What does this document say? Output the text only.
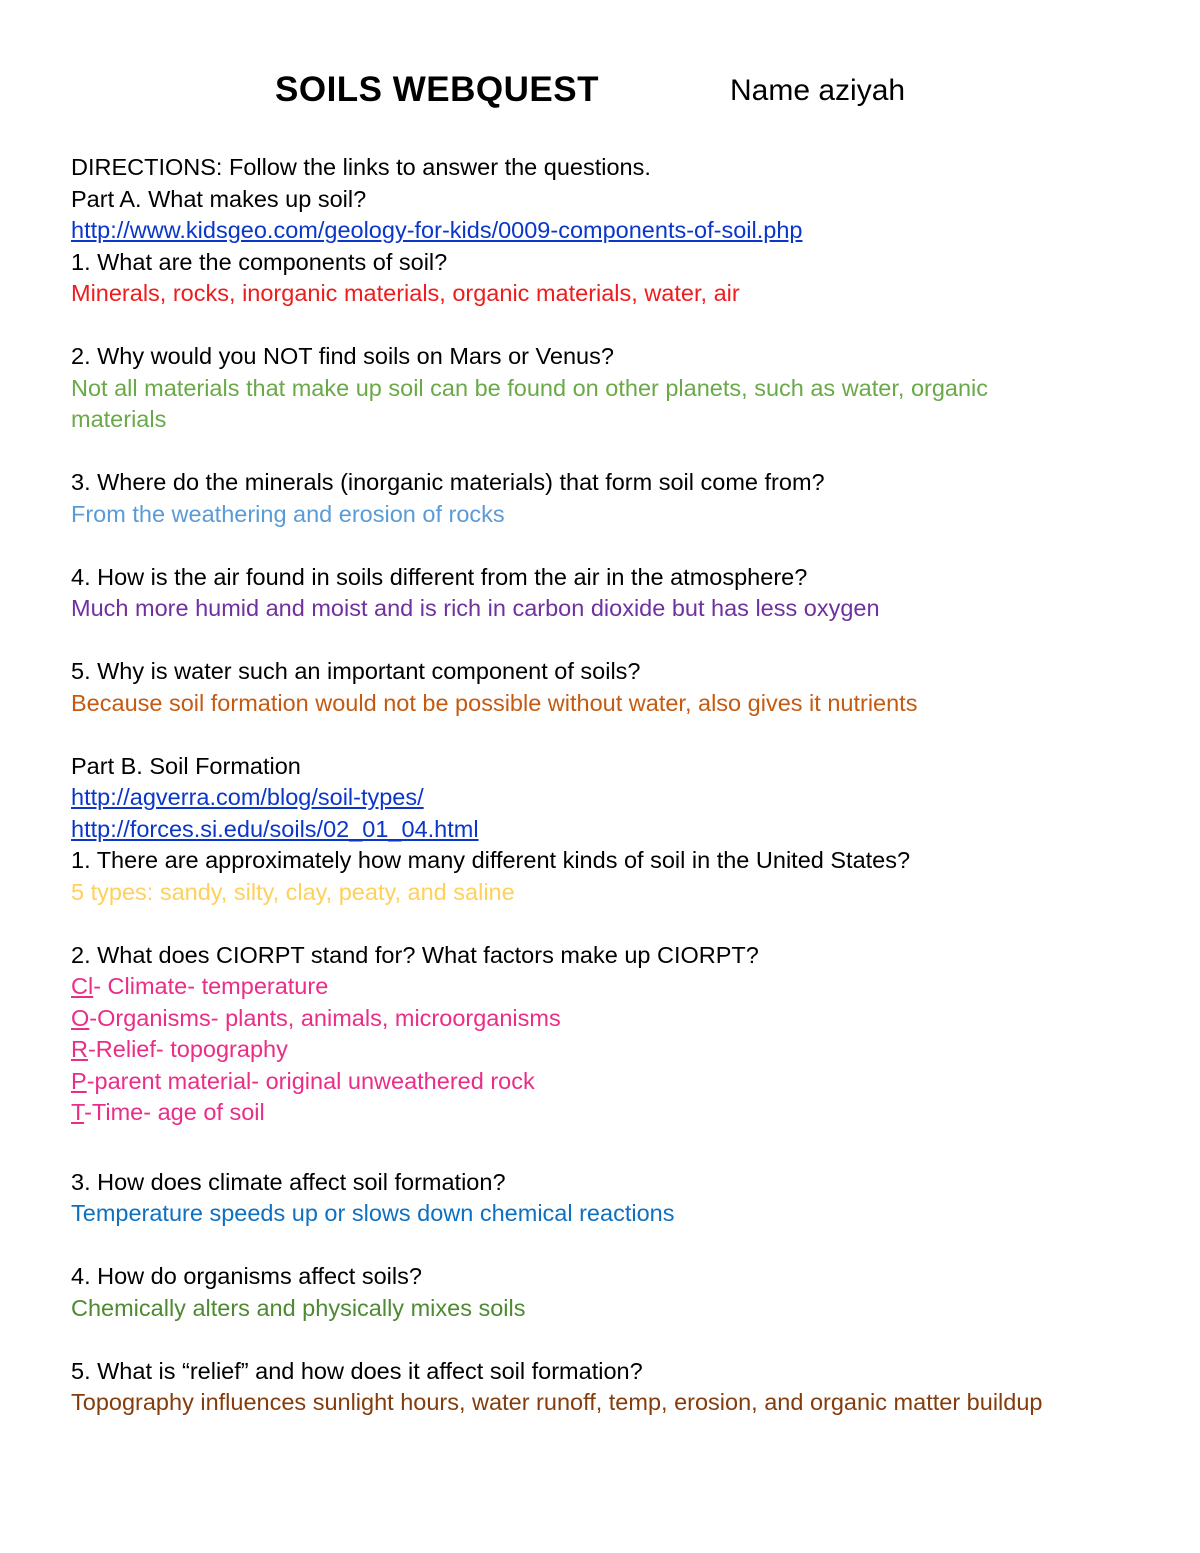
SOILS WEBQUEST	Name aziyah
DIRECTIONS: Follow the links to answer the questions.
Part A. What makes up soil?
http://www.kidsgeo.com/geology-for-kids/0009-components-of-soil.php
1. What are the components of soil?
Minerals, rocks, inorganic materials, organic materials, water, air
2. Why would you NOT find soils on Mars or Venus?
Not all materials that make up soil can be found on other planets, such as water, organic materials
3. Where do the minerals (inorganic materials) that form soil come from?
From the weathering and erosion of rocks
4. How is the air found in soils different from the air in the atmosphere?
Much more humid and moist and is rich in carbon dioxide but has less oxygen
5. Why is water such an important component of soils?
Because soil formation would not be possible without water, also gives it nutrients
Part B. Soil Formation
http://agverra.com/blog/soil-types/
http://forces.si.edu/soils/02_01_04.html
1. There are approximately how many different kinds of soil in the United States?
5 types: sandy, silty, clay, peaty, and saline
2. What does CIORPT stand for? What factors make up CIORPT?
Cl- Climate- temperature
O-Organisms- plants, animals, microorganisms
R-Relief- topography
P-parent material- original unweathered rock
T-Time- age of soil
3. How does climate affect soil formation?
Temperature speeds up or slows down chemical reactions
4. How do organisms affect soils?
Chemically alters and physically mixes soils
5. What is “relief” and how does it affect soil formation?
Topography influences sunlight hours, water runoff, temp, erosion, and organic matter buildup
